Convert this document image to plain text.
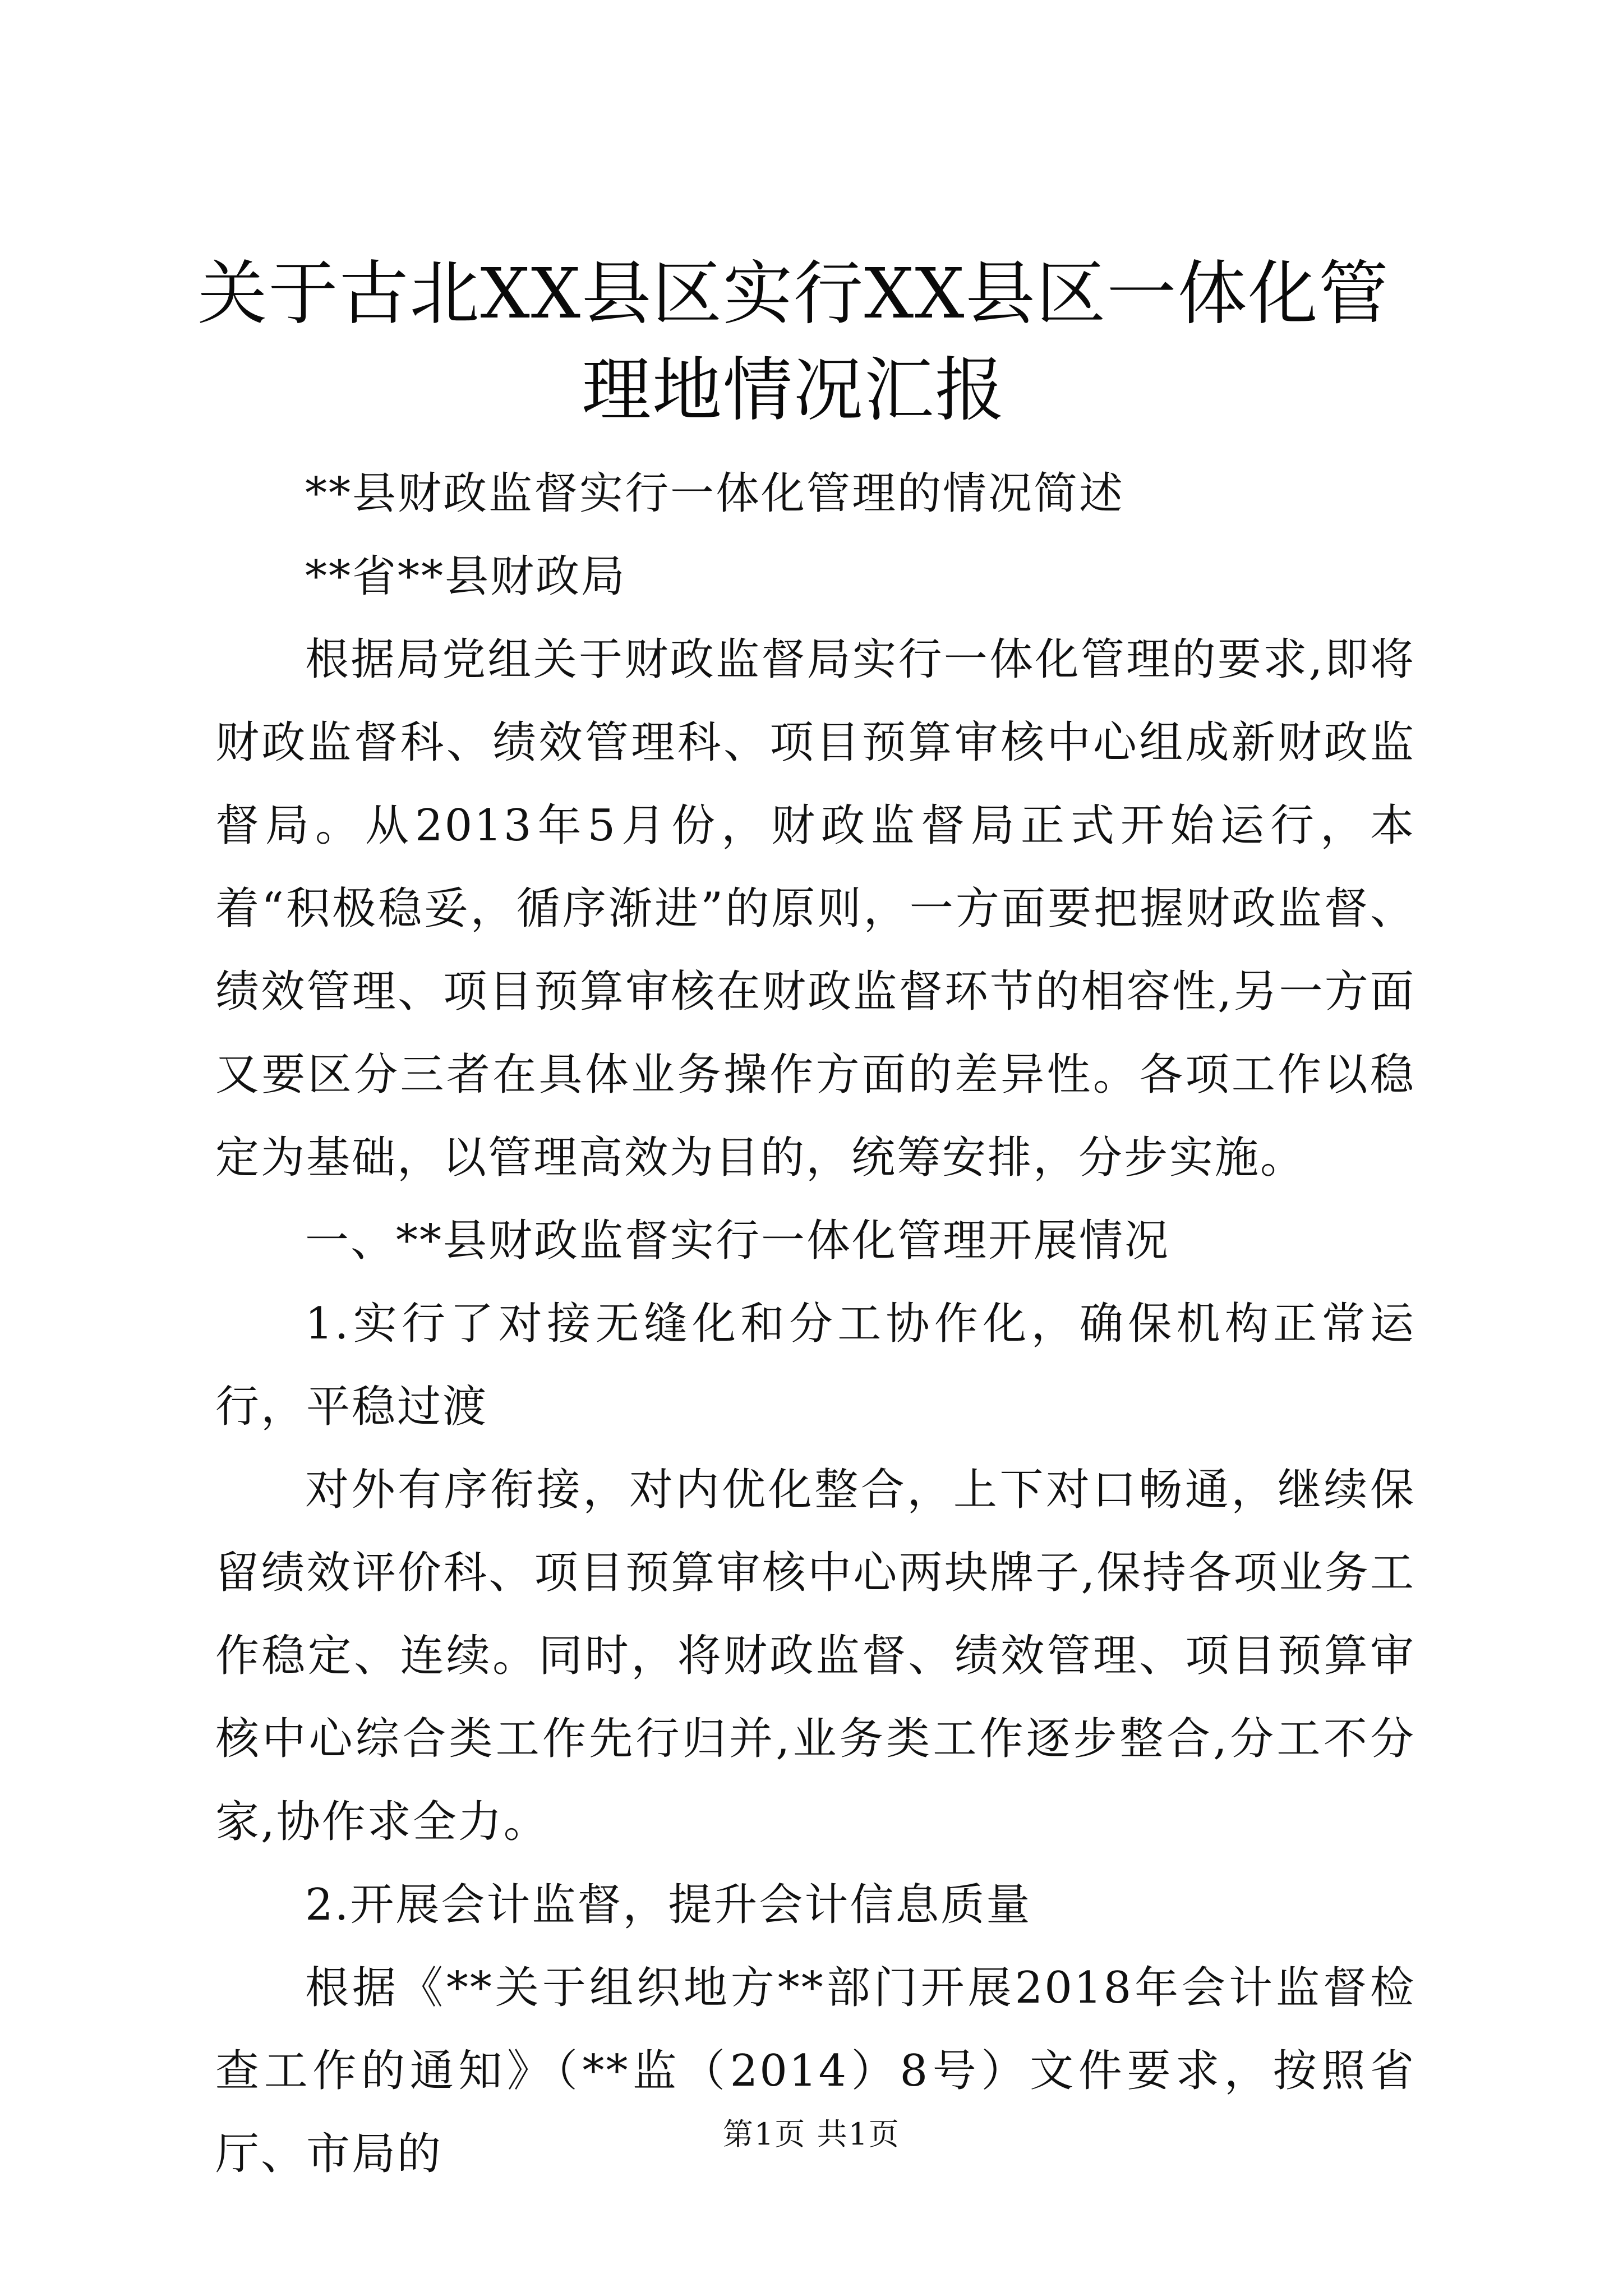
关于古北XX县区实行XX县区一体化管理地情况汇报

**县财政监督实行一体化管理的情况简述

**省**县财政局

根据局党组关于财政监督局实行一体化管理的要求,即将财政监督科、绩效管理科、项目预算审核中心组成新财政监督局。从2013年5月份，财政监督局正式开始运行，本着“积极稳妥，循序渐进”的原则，一方面要把握财政监督、绩效管理、项目预算审核在财政监督环节的相容性,另一方面又要区分三者在具体业务操作方面的差异性。各项工作以稳定为基础，以管理高效为目的，统筹安排，分步实施。

一、**县财政监督实行一体化管理开展情况

1.实行了对接无缝化和分工协作化，确保机构正常运行，平稳过渡

对外有序衔接，对内优化整合，上下对口畅通，继续保留绩效评价科、项目预算审核中心两块牌子,保持各项业务工作稳定、连续。同时，将财政监督、绩效管理、项目预算审核中心综合类工作先行归并,业务类工作逐步整合,分工不分家,协作求全力。

2.开展会计监督，提升会计信息质量

根据《**关于组织地方**部门开展2018年会计监督检查工作的通知》（**监（2014）8号）文件要求，按照省厅、市局的	第1页 共1页
